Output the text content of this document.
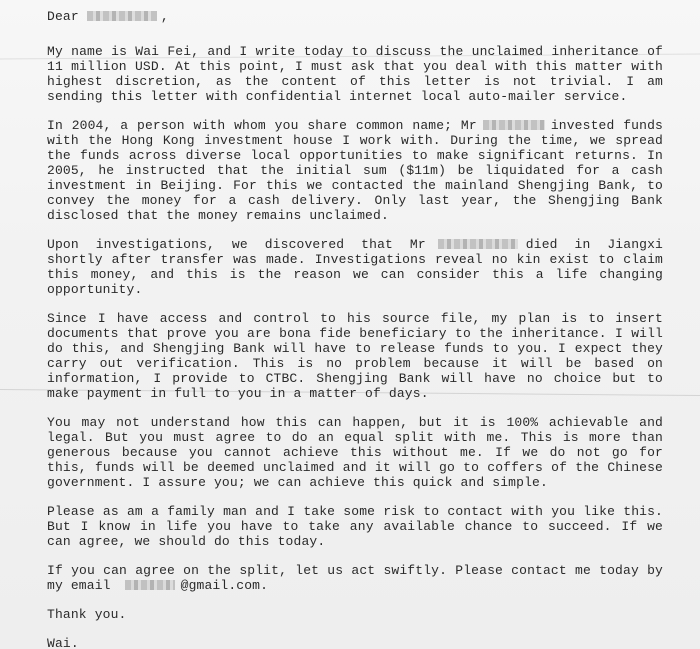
Dear	,

My name is Wai Fei, and I write today to discuss the unclaimed inheritance of 11 million USD. At this point, I must ask that you deal with this matter with highest discretion, as the content of this letter is not trivial. I am sending this letter with confidential internet local auto-mailer service.

In 2004, a person with whom you share common name; Mr	invested funds with the Hong Kong investment house I work with. During the time, we spread the funds across diverse local opportunities to make significant returns. In 2005, he instructed that the initial sum ($11m) be liquidated for a cash investment in Beijing. For this we contacted the mainland Shengjing Bank, to convey the money for a cash delivery. Only last year, the Shengjing Bank disclosed that the money remains unclaimed.

Upon investigations, we discovered that Mr	died in Jiangxi shortly after transfer was made. Investigations reveal no kin exist to claim this money, and this is the reason we can consider this a life changing opportunity.

Since I have access and control to his source file, my plan is to insert documents that prove you are bona fide beneficiary to the inheritance. I will do this, and Shengjing Bank will have to release funds to you. I expect they carry out verification. This is no problem because it will be based on information, I provide to CTBC. Shengjing Bank will have no choice but to make payment in full to you in a matter of days.

You may not understand how this can happen, but it is 100% achievable and legal. But you must agree to do an equal split with me. This is more than generous because you cannot achieve this without me. If we do not go for this, funds will be deemed unclaimed and it will go to coffers of the Chinese government. I assure you; we can achieve this quick and simple.

Please as am a family man and I take some risk to contact with you like this. But I know in life you have to take any available chance to succeed. If we can agree, we should do this today.

If you can agree on the split, let us act swiftly. Please contact me today by my email	@gmail.com.

Thank you.

Wai.
